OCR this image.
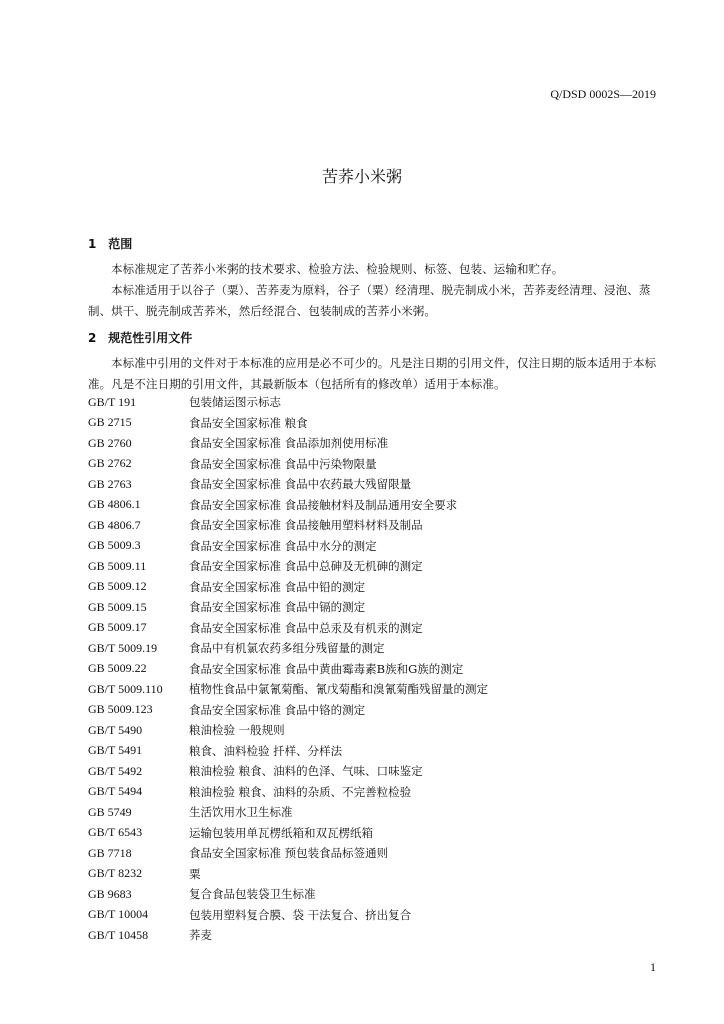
Q/DSD 0002S—2019
苦荞小米粥
1 范围
本标准规定了苦荞小米粥的技术要求、检验方法、检验规则、标签、包装、运输和贮存。
本标准适用于以谷子（粟）、苦荞麦为原料，谷子（粟）经清理、脱壳制成小米，苦荞麦经清理、浸泡、蒸制、烘干、脱壳制成苦荞米，然后经混合、包装制成的苦荞小米粥。
2 规范性引用文件
本标准中引用的文件对于本标准的应用是必不可少的。凡是注日期的引用文件，仅注日期的版本适用于本标准。凡是不注日期的引用文件，其最新版本（包括所有的修改单）适用于本标准。
GB/T 191	包装储运图示标志
GB 2715	食品安全国家标准 粮食
GB 2760	食品安全国家标准 食品添加剂使用标准
GB 2762	食品安全国家标准 食品中污染物限量
GB 2763	食品安全国家标准 食品中农药最大残留限量
GB 4806.1	食品安全国家标准 食品接触材料及制品通用安全要求
GB 4806.7	食品安全国家标准 食品接触用塑料材料及制品
GB 5009.3	食品安全国家标准 食品中水分的测定
GB 5009.11	食品安全国家标准 食品中总砷及无机砷的测定
GB 5009.12	食品安全国家标准 食品中铅的测定
GB 5009.15	食品安全国家标准 食品中镉的测定
GB 5009.17	食品安全国家标准 食品中总汞及有机汞的测定
GB/T 5009.19	食品中有机氯农药多组分残留量的测定
GB 5009.22	食品安全国家标准 食品中黄曲霉毒素B族和G族的测定
GB/T 5009.110	植物性食品中氯氰菊酯、氰戊菊酯和溴氰菊酯残留量的测定
GB 5009.123	食品安全国家标准 食品中铬的测定
GB/T 5490	粮油检验 一般规则
GB/T 5491	粮食、油料检验 扦样、分样法
GB/T 5492	粮油检验 粮食、油料的色泽、气味、口味鉴定
GB/T 5494	粮油检验 粮食、油料的杂质、不完善粒检验
GB 5749	生活饮用水卫生标准
GB/T 6543	运输包装用单瓦楞纸箱和双瓦楞纸箱
GB 7718	食品安全国家标准 预包装食品标签通则
GB/T 8232	粟
GB 9683	复合食品包装袋卫生标准
GB/T 10004	包装用塑料复合膜、袋 干法复合、挤出复合
GB/T 10458	荞麦
1
